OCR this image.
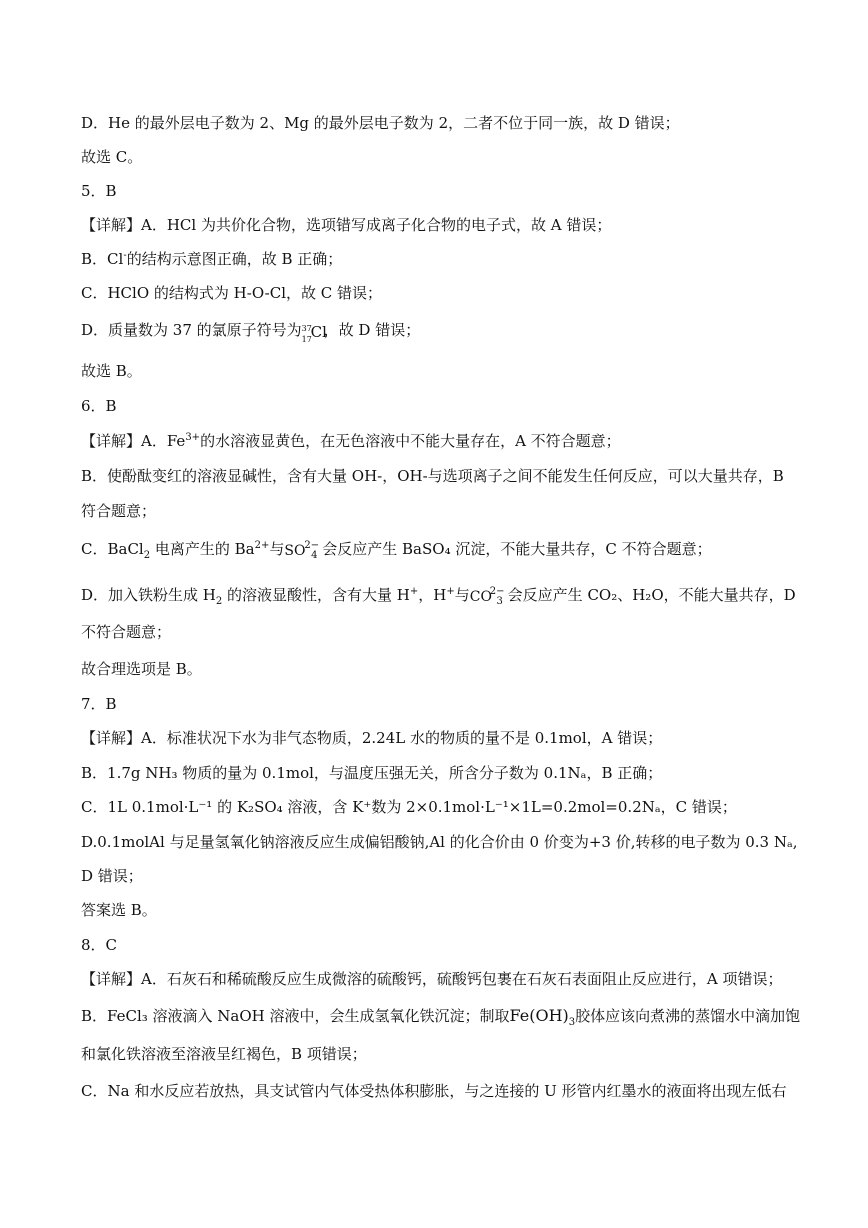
D．He 的最外层电子数为 2、Mg 的最外层电子数为 2，二者不位于同一族，故 D 错误；
故选 C。
5．B
【详解】A．HCl 为共价化合物，选项错写成离子化合物的电子式，故 A 错误；
B．Cl-的结构示意图正确，故 B 正确；
C．HClO 的结构式为 H-O-Cl，故 C 错误；
D．质量数为 37 的氯原子符号为 37
17
Cl
，故 D 错误；
故选 B。
6．B
【详解】A．$Fe^{3+}$的水溶液显黄色，在无色溶液中不能大量存在，A 不符合题意；
B．使酚酞变红的溶液显碱性，含有大量 OH-，OH-与选项离子之间不能发生任何反应，可以大量共存，B
符合题意；
C．BaCl$_2$ 电离产生的 $Ba^{2+}$与 SO
$^{2-}_4$ 会反应产生 BaSO₄ 沉淀，不能大量共存，C 不符合题意；
D．加入铁粉生成 $H_2$ 的溶液显酸性，含有大量 H+，H+与 CO
$^{2-}_3$ 会反应产生 CO₂、H₂O，不能大量共存，D
不符合题意；
故合理选项是 B。
7．B
【详解】A．标准状况下水为非气态物质，2.24L 水的物质的量不是 0.1mol，A 错误；
B．1.7g NH₃ 物质的量为 0.1mol，与温度压强无关，所含分子数为 0.1Nₐ，B 正确；
C．1L 0.1mol·L⁻¹ 的 K₂SO₄ 溶液，含 K⁺数为 2×0.1mol·L⁻¹×1L=0.2mol=0.2Nₐ，C 错误；
D.0.1molAl 与足量氢氧化钠溶液反应生成偏铝酸钠,Al 的化合价由 0 价变为+3 价,转移的电子数为 0.3 Nₐ,
D 错误；
答案选 B。
8．C
【详解】A．石灰石和稀硫酸反应生成微溶的硫酸钙，硫酸钙包裹在石灰石表面阻止反应进行，A 项错误；
B．FeCl₃ 溶液滴入 NaOH 溶液中，会生成氢氧化铁沉淀；制取$Fe(OH)_3$胶体应该向煮沸的蒸馏水中滴加饱
和氯化铁溶液至溶液呈红褐色，B 项错误；
C．Na 和水反应若放热，具支试管内气体受热体积膨胀，与之连接的 U 形管内红墨水的液面将出现左低右
